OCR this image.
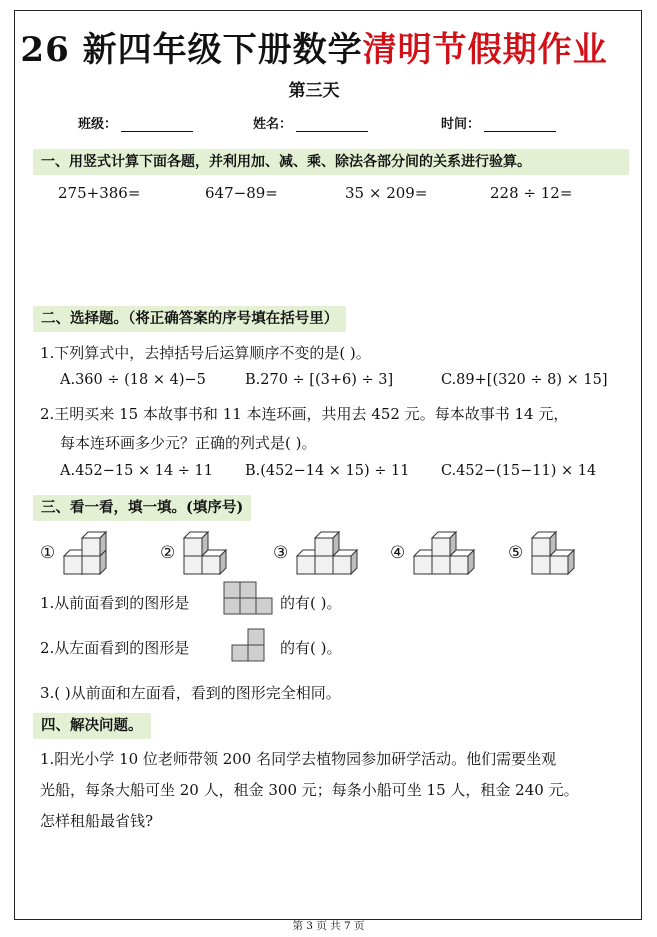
26 新四年级下册数学清明节假期作业
第三天
班级：	姓名：	时间：
一、用竖式计算下面各题，并利用加、减、乘、除法各部分间的关系进行验算。
275+386=	647−89=	35 × 209=	228 ÷ 12=
二、选择题。（将正确答案的序号填在括号里）
1.下列算式中，去掉括号后运算顺序不变的是( )。
A.360 ÷ (18 × 4)−5	B.270 ÷ [(3+6) ÷ 3]	C.89+[(320 ÷ 8) × 15]
2.王明买来 15 本故事书和 11 本连环画，共用去 452 元。每本故事书 14 元，
每本连环画多少元？正确的列式是( )。
A.452−15 × 14 ÷ 11 B.(452−14 × 15) ÷ 11 C.452−(15−11) × 14
三、看一看，填一填。(填序号)
①	②	③	④	⑤
1.从前面看到的图形是	的有( )。
2.从左面看到的图形是	的有( )。
3.( )从前面和左面看，看到的图形完全相同。
四、解决问题。
1.阳光小学 10 位老师带领 200 名同学去植物园参加研学活动。他们需要坐观
光船，每条大船可坐 20 人，租金 300 元；每条小船可坐 15 人，租金 240 元。
怎样租船最省钱?
第 3 页 共 7 页
